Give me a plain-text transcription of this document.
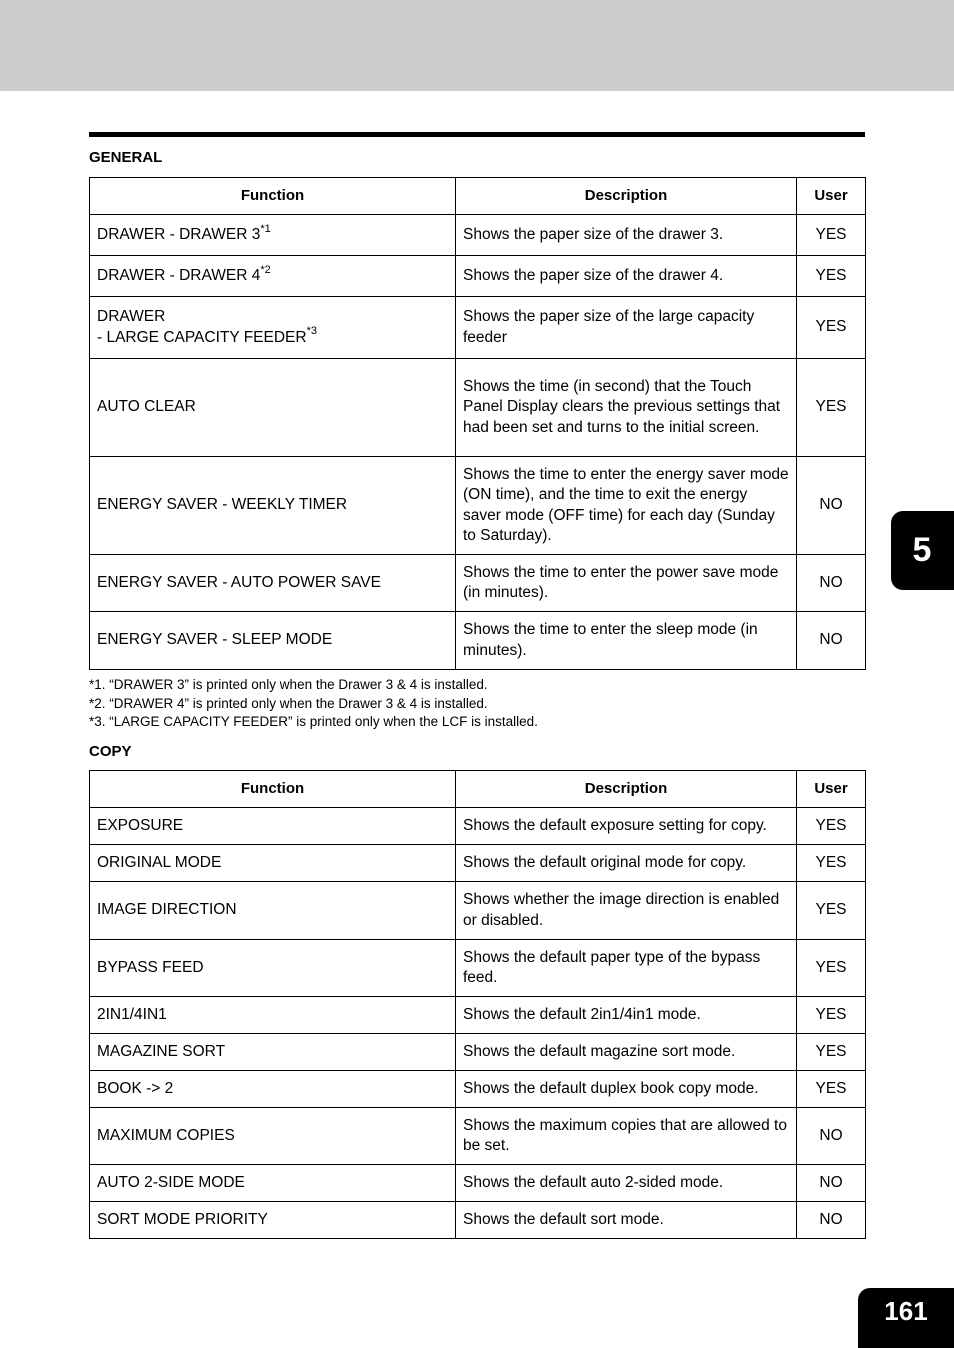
GENERAL
Function	Description	User
DRAWER - DRAWER 3$^{*1}$	Shows the paper size of the drawer 3.	YES
DRAWER - DRAWER 4$^{*2}$	Shows the paper size of the drawer 4.	YES

DRAWER
- LARGE CAPACITY FEEDER$^{*3}$	Shows the paper size of the large capacity feeder	YES
AUTO CLEAR	Shows the time (in second) that the Touch Panel Display clears the previous settings that had been set and turns to the initial screen.	YES
ENERGY SAVER - WEEKLY TIMER	Shows the time to enter the energy saver mode (ON time), and the time to exit the energy saver mode (OFF time) for each day (Sunday to Saturday).	NO
ENERGY SAVER - AUTO POWER SAVE	Shows the time to enter the power save mode (in minutes).	NO
ENERGY SAVER - SLEEP MODE	Shows the time to enter the sleep mode (in minutes).	NO
*1. “DRAWER 3” is printed only when the Drawer 3 & 4 is installed.
*2. “DRAWER 4” is printed only when the Drawer 3 & 4 is installed.
*3. “LARGE CAPACITY FEEDER” is printed only when the LCF is installed.
COPY
Function	Description	User
EXPOSURE	Shows the default exposure setting for copy.	YES
ORIGINAL MODE	Shows the default original mode for copy.	YES
IMAGE DIRECTION	Shows whether the image direction is enabled or disabled.	YES
BYPASS FEED	Shows the default paper type of the bypass feed.	YES
2IN1/4IN1	Shows the default 2in1/4in1 mode.	YES
MAGAZINE SORT	Shows the default magazine sort mode.	YES
BOOK -> 2	Shows the default duplex book copy mode.	YES
MAXIMUM COPIES	Shows the maximum copies that are allowed to be set.	NO
AUTO 2-SIDE MODE	Shows the default auto 2-sided mode.	NO
SORT MODE PRIORITY	Shows the default sort mode.	NO
5
161
